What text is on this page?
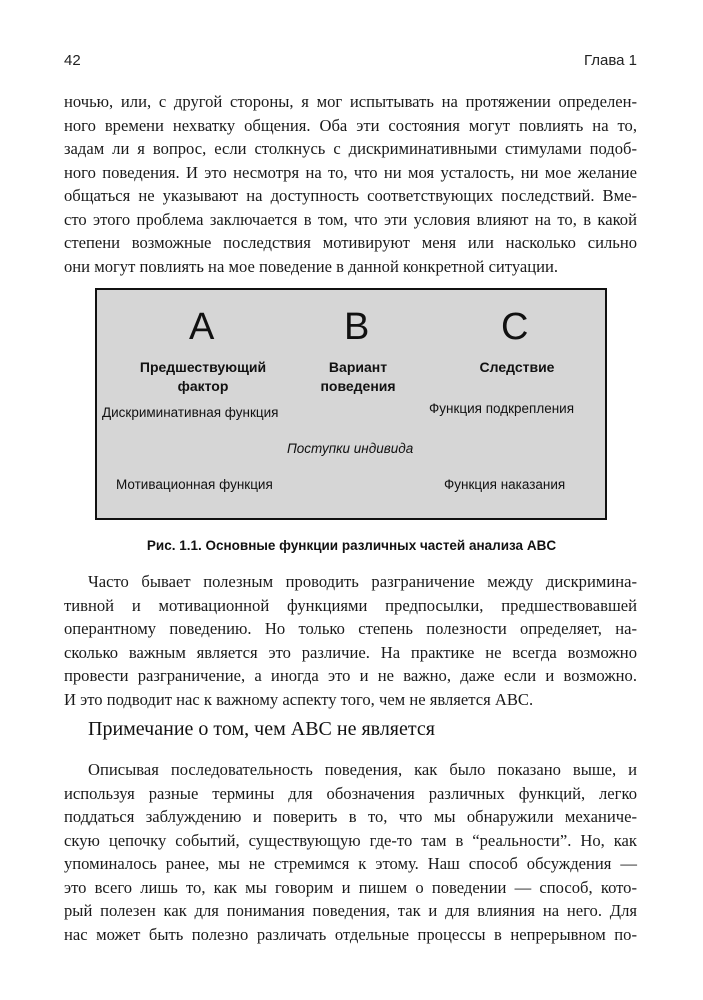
42	Глава 1
ночью, или, с другой стороны, я мог испытывать на протяжении определен-
ного времени нехватку общения. Оба эти состояния могут повлиять на то,
задам ли я вопрос, если столкнусь с дискриминативными стимулами подоб-
ного поведения. И это несмотря на то, что ни моя усталость, ни мое желание
общаться не указывают на доступность соответствующих последствий. Вме-
сто этого проблема заключается в том, что эти условия влияют на то, в какой
степени возможные последствия мотивируют меня или насколько сильно
они могут повлиять на мое поведение в данной конкретной ситуации.
A	B	C
Предшествующий
фактор
Вариант
поведения
Следствие
Дискриминативная функция	Функция подкрепления
Поступки индивида
Мотивационная функция	Функция наказания
Рис. 1.1. Основные функции различных частей анализа ABC
Часто бывает полезным проводить разграничение между дискримина-
тивной и мотивационной функциями предпосылки, предшествовавшей
оперантному поведению. Но только степень полезности определяет, на-
сколько важным является это различие. На практике не всегда возможно
провести разграничение, а иногда это и не важно, даже если и возможно.
И это подводит нас к важному аспекту того, чем не является ABC.
Примечание о том, чем ABC не является
Описывая последовательность поведения, как было показано выше, и
используя разные термины для обозначения различных функций, легко
поддаться заблуждению и поверить в то, что мы обнаружили механиче-
скую цепочку событий, существующую где-то там в “реальности”. Но, как
упоминалось ранее, мы не стремимся к этому. Наш способ обсуждения —
это всего лишь то, как мы говорим и пишем о поведении — способ, кото-
рый полезен как для понимания поведения, так и для влияния на него. Для
нас может быть полезно различать отдельные процессы в непрерывном по-
